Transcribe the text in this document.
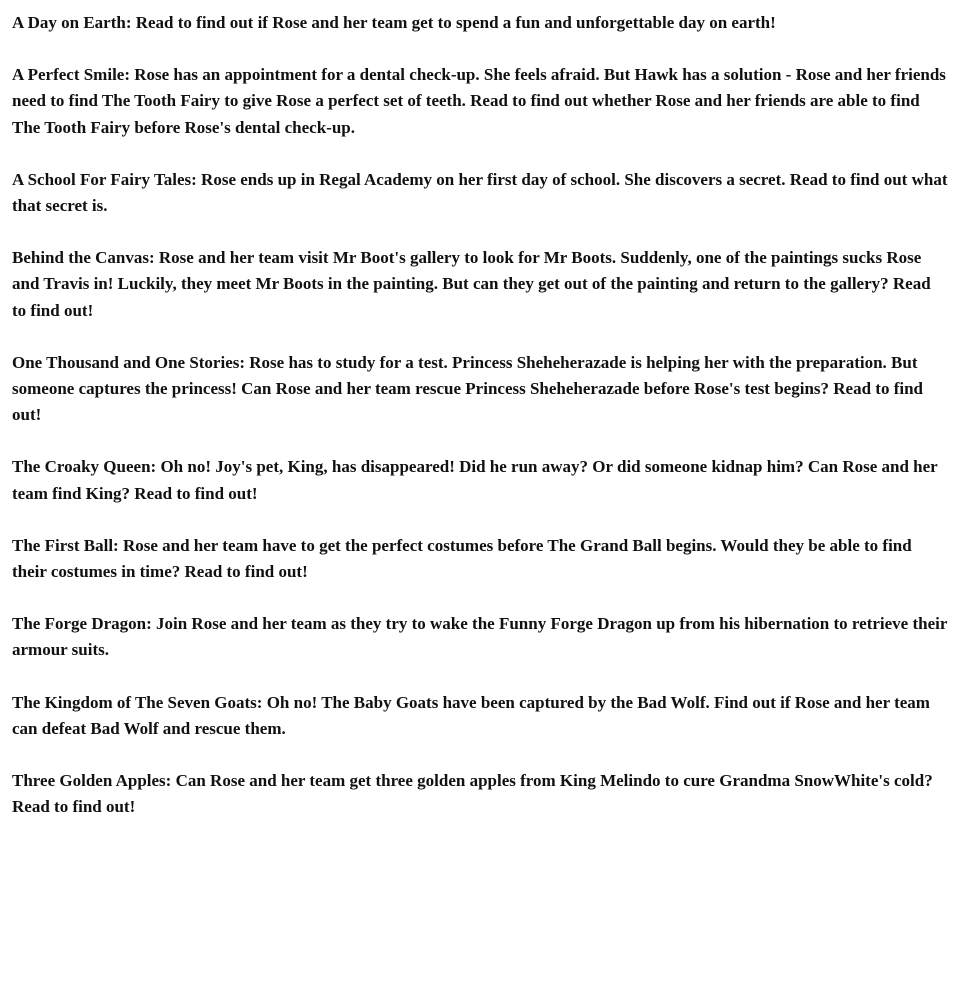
A Day on Earth: Read to find out if Rose and her team get to spend a fun and unforgettable day on earth!

A Perfect Smile: Rose has an appointment for a dental check-up. She feels afraid. But Hawk has a solution - Rose and her friends need to find The Tooth Fairy to give Rose a perfect set of teeth. Read to find out whether Rose and her friends are able to find The Tooth Fairy before Rose's dental check-up.

A School For Fairy Tales: Rose ends up in Regal Academy on her first day of school. She discovers a secret. Read to find out what that secret is.

Behind the Canvas: Rose and her team visit Mr Boot's gallery to look for Mr Boots. Suddenly, one of the paintings sucks Rose and Travis in! Luckily, they meet Mr Boots in the painting. But can they get out of the painting and return to the gallery? Read to find out!

One Thousand and One Stories: Rose has to study for a test. Princess Sheheherazade is helping her with the preparation. But someone captures the princess! Can Rose and her team rescue Princess Sheheherazade before Rose's test begins? Read to find out!

The Croaky Queen: Oh no! Joy's pet, King, has disappeared! Did he run away? Or did someone kidnap him? Can Rose and her team find King? Read to find out!

The First Ball: Rose and her team have to get the perfect costumes before The Grand Ball begins. Would they be able to find their costumes in time? Read to find out!

The Forge Dragon: Join Rose and her team as they try to wake the Funny Forge Dragon up from his hibernation to retrieve their armour suits.

The Kingdom of The Seven Goats: Oh no! The Baby Goats have been captured by the Bad Wolf. Find out if Rose and her team can defeat Bad Wolf and rescue them.

Three Golden Apples: Can Rose and her team get three golden apples from King Melindo to cure Grandma SnowWhite's cold? Read to find out!
